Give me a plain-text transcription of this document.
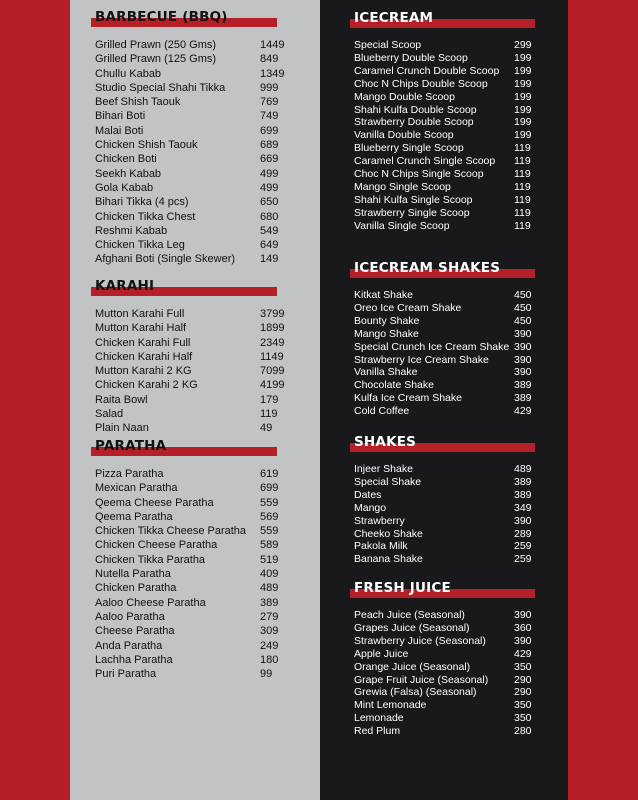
BARBECUE (BBQ)
Grilled Prawn (250 Gms)	1449
Grilled Prawn (125 Gms)	849
Chullu Kabab	1349
Studio Special Shahi Tikka	999
Beef Shish Taouk	769
Bihari Boti	749
Malai Boti	699
Chicken Shish Taouk	689
Chicken Boti	669
Seekh Kabab	499
Gola Kabab	499
Bihari Tikka (4 pcs)	650
Chicken Tikka Chest	680
Reshmi Kabab	549
Chicken Tikka Leg	649
Afghani Boti (Single Skewer) 149
KARAHI
Mutton Karahi Full	3799
Mutton Karahi Half	1899
Chicken Karahi Full	2349
Chicken Karahi Half	1149
Mutton Karahi 2 KG	7099
Chicken Karahi 2 KG	4199
Raita Bowl	179
Salad	119
Plain Naan	49
PARATHA
Pizza Paratha	619
Mexican Paratha	699
Qeema Cheese Paratha	559
Qeema Paratha	569
Chicken Tikka Cheese Paratha 559
Chicken Cheese Paratha	589
Chicken Tikka Paratha	519
Nutella Paratha	409
Chicken Paratha	489
Aaloo Cheese Paratha	389
Aaloo Paratha	279
Cheese Paratha	309
Anda Paratha	249
Lachha Paratha	180
Puri Paratha	99
ICECREAM
Special Scoop	299
Blueberry Double Scoop	199
Caramel Crunch Double Scoop 199
Choc N Chips Double Scoop	199
Mango Double Scoop	199
Shahi Kulfa Double Scoop	199
Strawberry Double Scoop	199
Vanilla Double Scoop	199
Blueberry Single Scoop	119
Caramel Crunch Single Scoop 119
Choc N Chips Single Scoop	119
Mango Single Scoop	119
Shahi Kulfa Single Scoop	119
Strawberry Single Scoop	119
Vanilla Single Scoop	119
ICECREAM SHAKES
Kitkat Shake	450
Oreo Ice Cream Shake	450
Bounty Shake	450
Mango Shake	390
Special Crunch Ice Cream Shake 390
Strawberry Ice Cream Shake 390
Vanilla Shake	390
Chocolate Shake	389
Kulfa Ice Cream Shake	389
Cold Coffee	429
SHAKES
Injeer Shake	489
Special Shake	389
Dates	389
Mango	349
Strawberry	390
Cheeko Shake	289
Pakola Milk	259
Banana Shake	259
FRESH JUICE
Peach Juice (Seasonal)	390
Grapes Juice (Seasonal)	360
Strawberry Juice (Seasonal)	390
Apple Juice	429
Orange Juice (Seasonal)	350
Grape Fruit Juice (Seasonal) 290
Grewia (Falsa) (Seasonal)	290
Mint Lemonade	350
Lemonade	350
Red Plum	280
